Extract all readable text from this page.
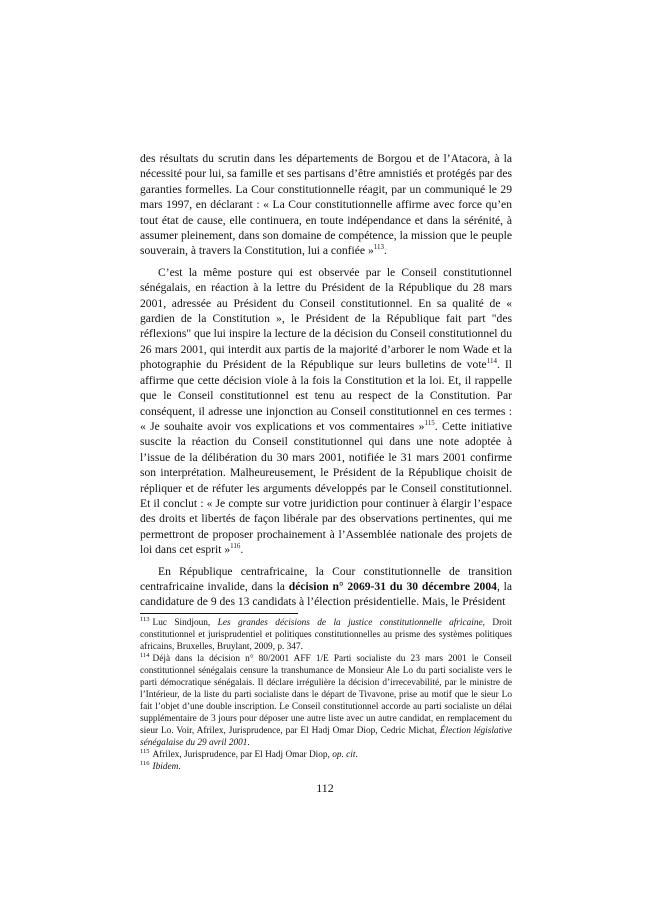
des résultats du scrutin dans les départements de Borgou et de l’Atacora, à la nécessité pour lui, sa famille et ses partisans d’être amnistiés et protégés par des garanties formelles. La Cour constitutionnelle réagit, par un communiqué le 29 mars 1997, en déclarant : « La Cour constitutionnelle affirme avec force qu’en tout état de cause, elle continuera, en toute indépendance et dans la sérénité, à assumer pleinement, dans son domaine de compétence, la mission que le peuple souverain, à travers la Constitution, lui a confiée »$^{113}$.

C’est la même posture qui est observée par le Conseil constitutionnel sénégalais, en réaction à la lettre du Président de la République du 28 mars 2001, adressée au Président du Conseil constitutionnel. En sa qualité de « gardien de la Constitution », le Président de la République fait part "des réflexions" que lui inspire la lecture de la décision du Conseil constitutionnel du 26 mars 2001, qui interdit aux partis de la majorité d’arborer le nom Wade et la photographie du Président de la République sur leurs bulletins de vote$^{114}$. Il affirme que cette décision viole à la fois la Constitution et la loi. Et, il rappelle que le Conseil constitutionnel est tenu au respect de la Constitution. Par conséquent, il adresse une injonction au Conseil constitutionnel en ces termes : « Je souhaite avoir vos explications et vos commentaires »$^{115}$. Cette initiative suscite la réaction du Conseil constitutionnel qui dans une note adoptée à l’issue de la délibération du 30 mars 2001, notifiée le 31 mars 2001 confirme son interprétation. Malheureusement, le Président de la République choisit de répliquer et de réfuter les arguments développés par le Conseil constitutionnel. Et il conclut : « Je compte sur votre juridiction pour continuer à élargir l’espace des droits et libertés de façon libérale par des observations pertinentes, qui me permettront de proposer prochainement à l’Assemblée nationale des projets de loi dans cet esprit »$^{116}$.

En République centrafricaine, la Cour constitutionnelle de transition centrafricaine invalide, dans la décision n° 2069-31 du 30 décembre 2004, la candidature de 9 des 13 candidats à l’élection présidentielle. Mais, le Président

$^{113}$ Luc Sindjoun, Les grandes décisions de la justice constitutionnelle africaine, Droit constitutionnel et jurisprudentiel et politiques constitutionnelles au prisme des systèmes politiques africains, Bruxelles, Bruylant, 2009, p. 347.

$^{114}$ Déjà dans la décision n° 80/2001 AFF 1/E Parti socialiste du 23 mars 2001 le Conseil constitutionnel sénégalais censure la transhumance de Monsieur Ale Lo du parti socialiste vers le parti démocratique sénégalais. Il déclare irrégulière la décision d’irrecevabilité, par le ministre de l’Intérieur, de la liste du parti socialiste dans le départ de Tivavone, prise au motif que le sieur Lo fait l’objet d’une double inscription. Le Conseil constitutionnel accorde au parti socialiste un délai supplémentaire de 3 jours pour déposer une autre liste avec un autre candidat, en remplacement du sieur Lo. Voir, Afrilex, Jurisprudence, par El Hadj Omar Diop, Cedric Michat, Élection législative sénégalaise du 29 avril 2001.

$^{115}$ Afrilex, Jurisprudence, par El Hadj Omar Diop, op. cit.

$^{116}$ Ibidem.

112
